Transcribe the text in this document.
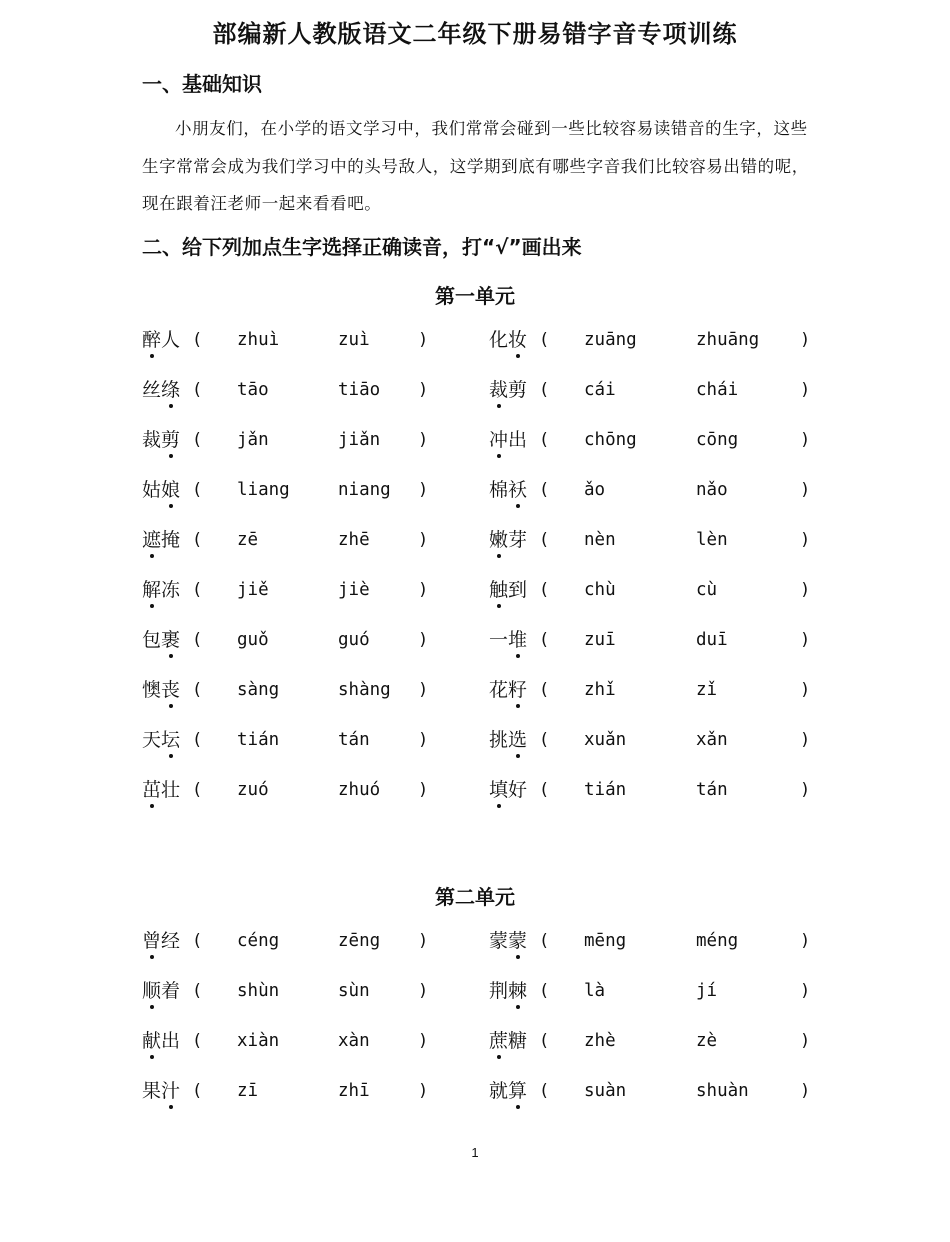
部编新人教版语文二年级下册易错字音专项训练
一、基础知识
小朋友们，在小学的语文学习中，我们常常会碰到一些比较容易读错音的生字，这些生字常常会成为我们学习中的头号敌人，这学期到底有哪些字音我们比较容易出错的呢，现在跟着汪老师一起来看看吧。
二、给下列加点生字选择正确读音，打“√”画出来
第一单元
醉人 ( zhuì	zuì	)	化妆 ( zuāng	zhuāng )
丝绦 ( tāo	tiāo )	裁剪 ( cái	chái	)
裁剪 ( jǎn	jiǎn )	冲出 ( chōng	cōng	)
姑娘 ( liang	niang )	棉袄 ( ǎo	nǎo	)
遮掩 ( zē	zhē	)	嫩芽 ( nèn	lèn	)
解冻 ( jiě	jiè	)	触到 ( chù	cù	)
包裹 ( guǒ	guó	)	一堆 ( zuī	duī	)
懊丧 ( sàng	shàng )	花籽 ( zhǐ	zǐ	)
天坛 ( tián	tán	)	挑选 ( xuǎn	xǎn	)
茁壮 ( zuó	zhuó )	填好 ( tián	tán	)
第二单元
曾经 ( céng	zēng )	蒙蒙 ( mēng	méng	)
顺着 ( shùn	sùn	)	荆棘 ( là	jí	)
献出 ( xiàn	xàn	)	蔗糖 ( zhè	zè	)
果汁 ( zī	zhī	)	就算 ( suàn	shuàn	)
1
